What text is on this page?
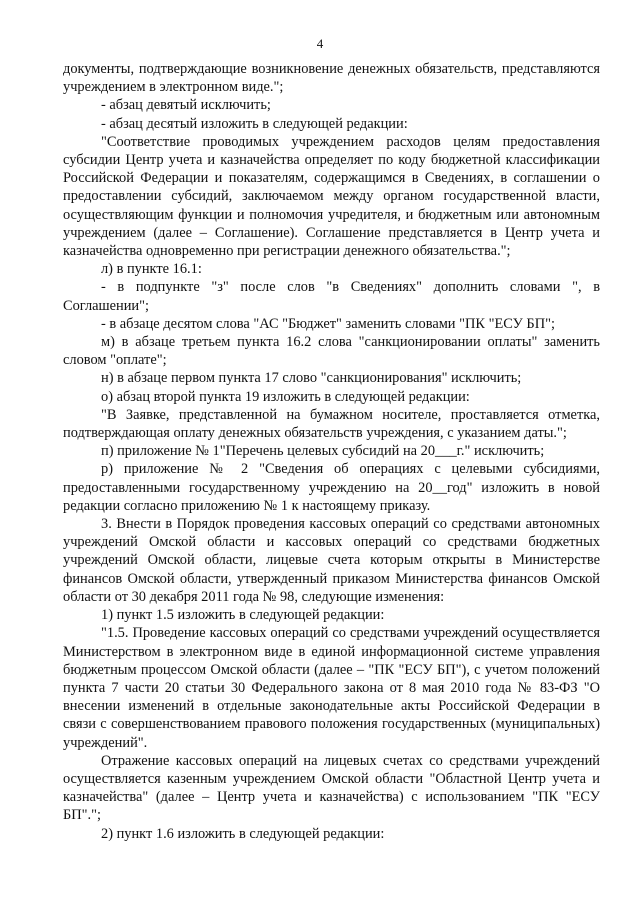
4

документы, подтверждающие возникновение денежных обязательств, представляются учреждением в электронном виде.";

- абзац девятый исключить;

- абзац десятый изложить в следующей редакции:

"Соответствие проводимых учреждением расходов целям предоставления субсидии Центр учета и казначейства определяет по коду бюджетной классификации Российской Федерации и показателям, содержащимся в Сведениях, в соглашении о предоставлении субсидий, заключаемом между органом государственной власти, осуществляющим функции и полномочия учредителя, и бюджетным или автономным учреждением (далее – Соглашение). Соглашение представляется в Центр учета и казначейства одновременно при регистрации денежного обязательства.";

л) в пункте 16.1:

- в подпункте "з" после слов "в Сведениях" дополнить словами ", в Соглашении";

- в абзаце десятом слова "АС "Бюджет" заменить словами "ПК "ЕСУ БП";

м) в абзаце третьем пункта 16.2 слова "санкционировании оплаты" заменить словом "оплате";

н) в абзаце первом пункта 17 слово "санкционирования" исключить;

о) абзац второй пункта 19 изложить в следующей редакции:

"В Заявке, представленной на бумажном носителе, проставляется отметка, подтверждающая оплату денежных обязательств учреждения, с указанием даты.";

п) приложение № 1"Перечень целевых субсидий на 20___г." исключить;

р) приложение № 2 "Сведения об операциях с целевыми субсидиями, предоставленными государственному учреждению на 20__год" изложить в новой редакции согласно приложению № 1 к настоящему приказу.

3. Внести в Порядок проведения кассовых операций со средствами автономных учреждений Омской области и кассовых операций со средствами бюджетных учреждений Омской области, лицевые счета которым открыты в Министерстве финансов Омской области, утвержденный приказом Министерства финансов Омской области от 30 декабря 2011 года № 98, следующие изменения:

1) пункт 1.5 изложить в следующей редакции:

"1.5. Проведение кассовых операций со средствами учреждений осуществляется Министерством в электронном виде в единой информационной системе управления бюджетным процессом Омской области (далее – "ПК "ЕСУ БП"), с учетом положений пункта 7 части 20 статьи 30 Федерального закона от 8 мая 2010 года № 83-ФЗ "О внесении изменений в отдельные законодательные акты Российской Федерации в связи с совершенствованием правового положения государственных (муниципальных) учреждений".

Отражение кассовых операций на лицевых счетах со средствами учреждений осуществляется казенным учреждением Омской области "Областной Центр учета и казначейства" (далее – Центр учета и казначейства) с использованием "ПК "ЕСУ БП".";

2) пункт 1.6 изложить в следующей редакции:
